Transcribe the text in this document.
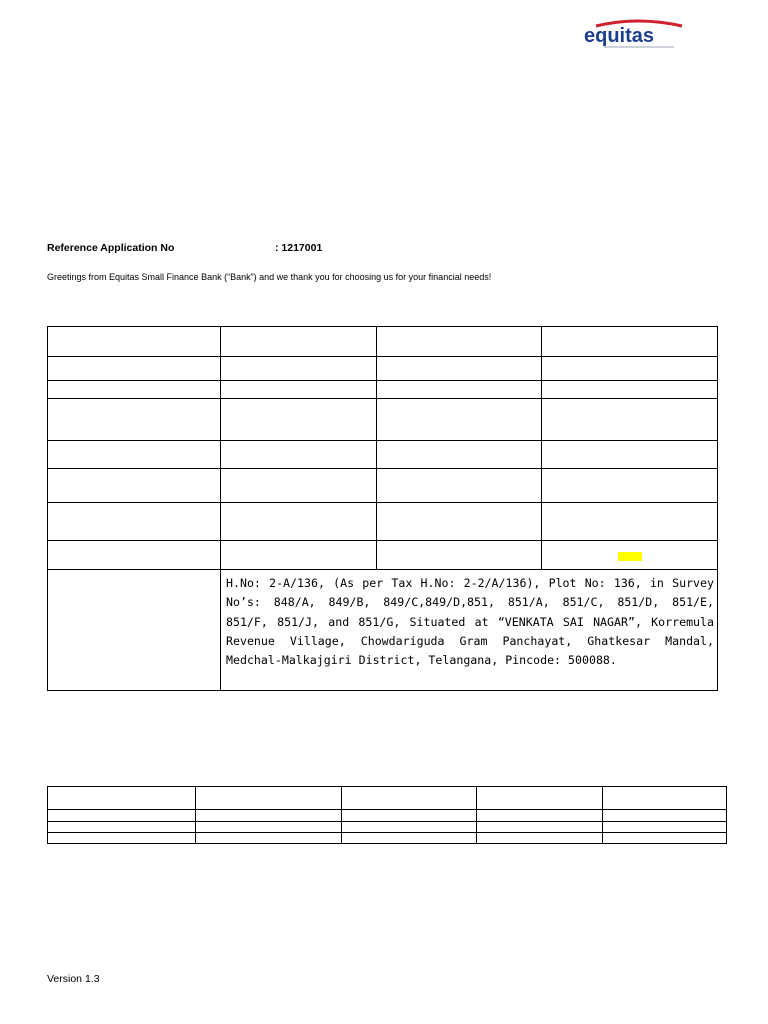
equitas
Reference Application No	: 1217001
Greetings from Equitas Small Finance Bank (“Bank”) and we thank you for choosing us for your financial needs!

	H.No: 2-A/136, (As per Tax H.No: 2-2/A/136), Plot No: 136, in Survey No’s: 848/A, 849/B, 849/C,849/D,851, 851/A, 851/C, 851/D, 851/E, 851/F, 851/J, and 851/G, Situated at “VENKATA SAI NAGAR”, Korremula Revenue Village, Chowdariguda Gram Panchayat, Ghatkesar Mandal, Medchal-Malkajgiri District, Telangana, Pincode: 500088.		

Version 1.3
